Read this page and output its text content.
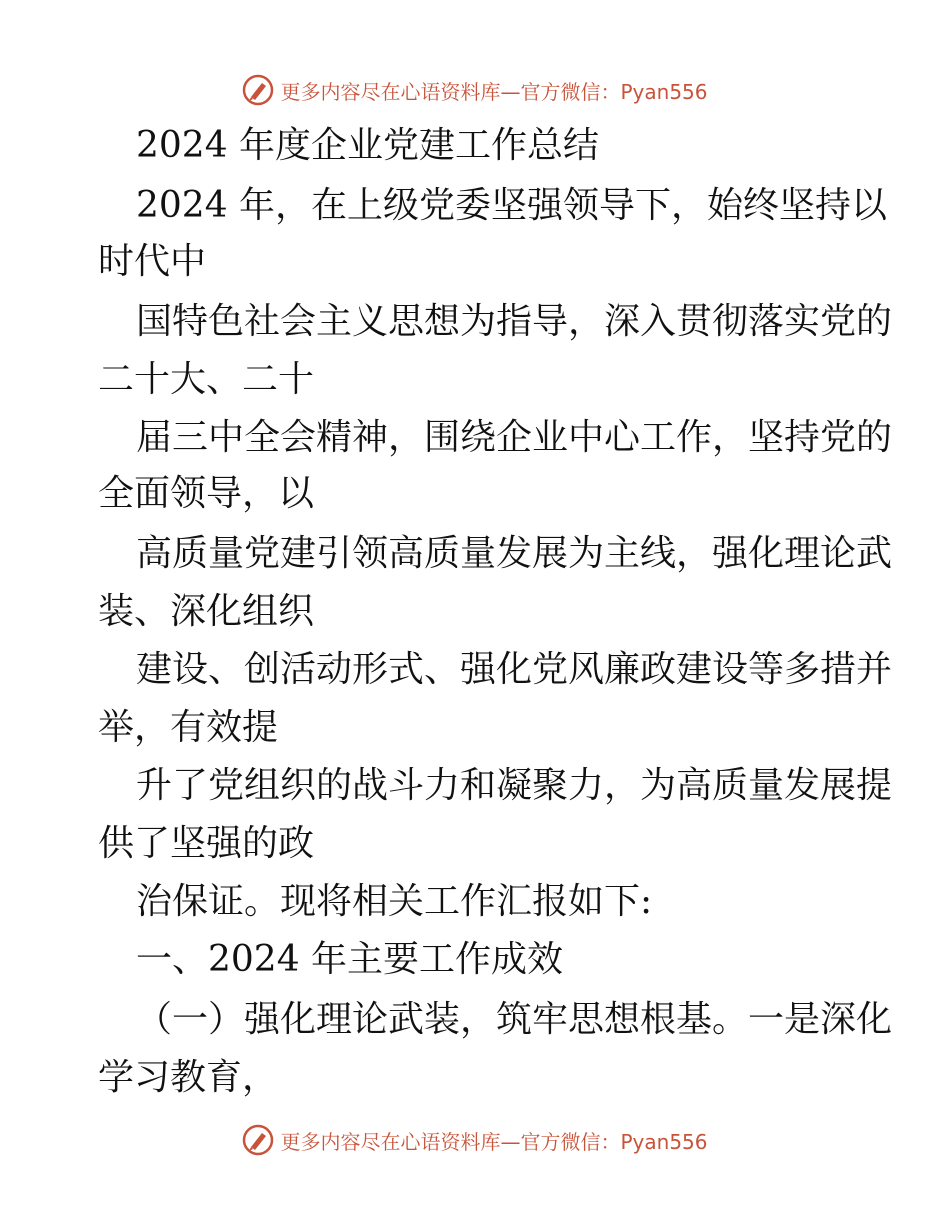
更多内容尽在心语资料库—官方微信：Pyan556
2024 年度企业党建工作总结
2024 年，在上级党委坚强领导下，始终坚持以
时代中
国特色社会主义思想为指导，深入贯彻落实党的
二十大、二十
届三中全会精神，围绕企业中心工作，坚持党的
全面领导，以
高质量党建引领高质量发展为主线，强化理论武
装、深化组织
建设、创活动形式、强化党风廉政建设等多措并
举，有效提
升了党组织的战斗力和凝聚力，为高质量发展提
供了坚强的政
治保证。现将相关工作汇报如下:
一、2024 年主要工作成效
（一）强化理论武装，筑牢思想根基。一是深化
学习教育，
更多内容尽在心语资料库—官方微信：Pyan556
